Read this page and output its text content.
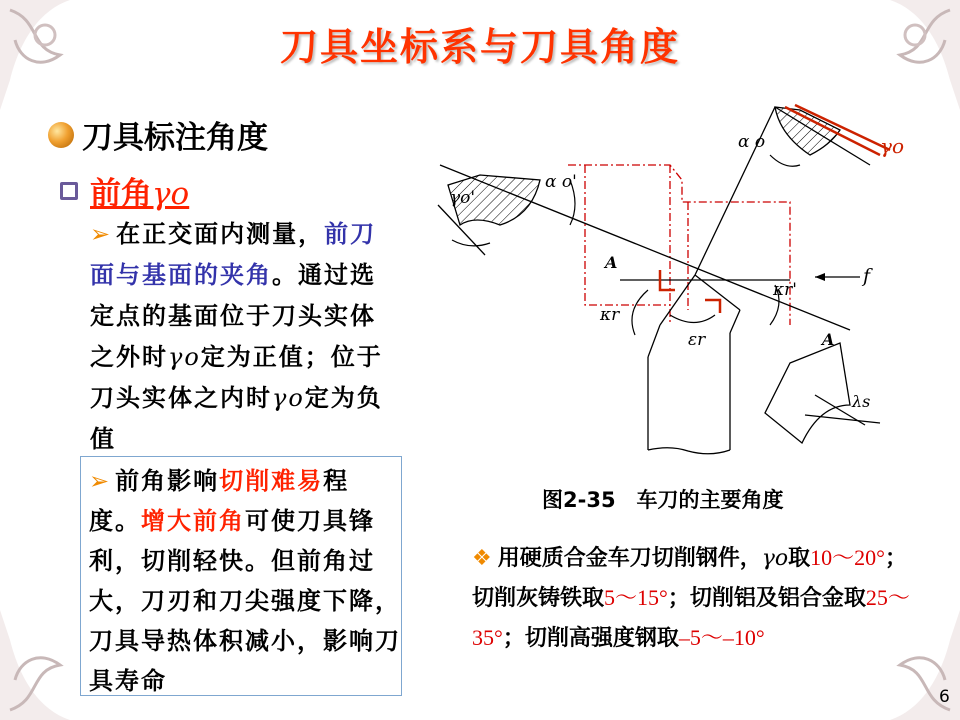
刀具坐标系与刀具角度
刀具标注角度
前角γo
➢ 在正交面内测量，前刀面与基面的夹角。通过选定点的基面位于刀头实体之外时γo定为正值；位于刀头实体之内时γo定为负值
➢ 前角影响切削难易程度。增大前角可使刀具锋利，切削轻快。但前角过大，刀刃和刀尖强度下降，刀具导热体积减小，影响刀具寿命
α o
α o'
γo'
γo
A
A
f
κr
κr'
εr
λs
图2-35　车刀的主要角度
❖ 用硬质合金车刀切削钢件，γo取10～20°；切削灰铸铁取5～15°；切削铝及铝合金取25～35°；切削高强度钢取–5～–10°
6
